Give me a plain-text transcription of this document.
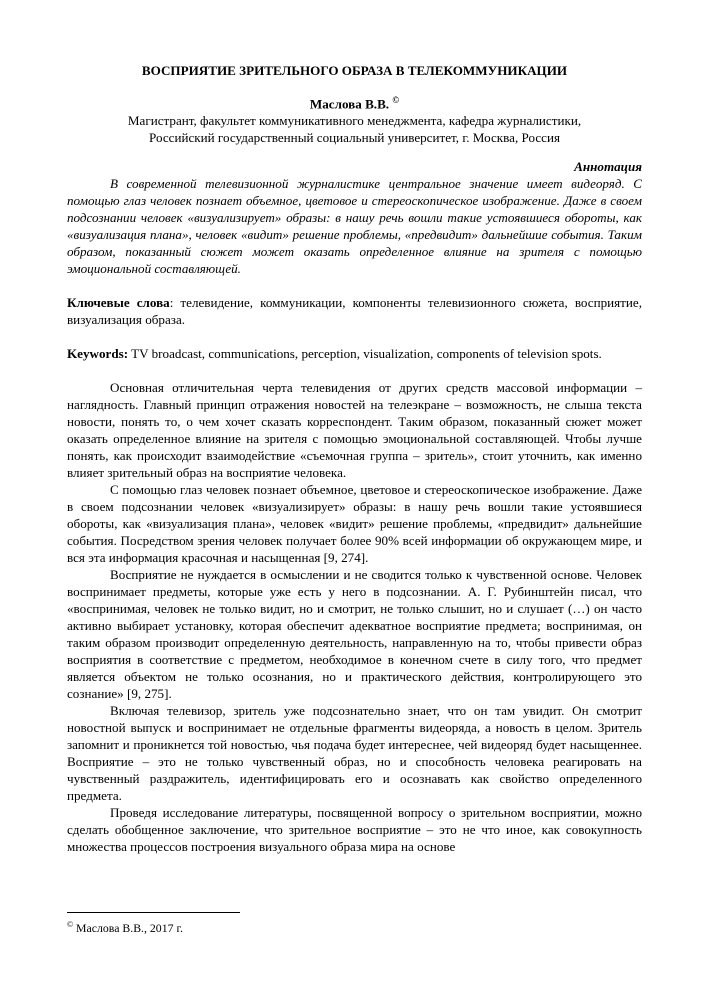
ВОСПРИЯТИЕ ЗРИТЕЛЬНОГО ОБРАЗА В ТЕЛЕКОММУНИКАЦИИ
Маслова В.В. ©
Магистрант, факультет коммуникативного менеджмента, кафедра журналистики,
Российский государственный социальный университет, г. Москва, Россия
Аннотация
В современной телевизионной журналистике центральное значение имеет видеоряд. С помощью глаз человек познает объемное, цветовое и стереоскопическое изображение. Даже в своем подсознании человек «визуализирует» образы: в нашу речь вошли такие устоявшиеся обороты, как «визуализация плана», человек «видит» решение проблемы, «предвидит» дальнейшие события. Таким образом, показанный сюжет может оказать определенное влияние на зрителя с помощью эмоциональной составляющей.
Ключевые слова: телевидение, коммуникации, компоненты телевизионного сюжета, восприятие, визуализация образа.
Keywords: TV broadcast, communications, perception, visualization, components of television spots.

Основная отличительная черта телевидения от других средств массовой информации – наглядность. Главный принцип отражения новостей на телеэкране – возможность, не слыша текста новости, понять то, о чем хочет сказать корреспондент. Таким образом, показанный сюжет может оказать определенное влияние на зрителя с помощью эмоциональной составляющей. Чтобы лучше понять, как происходит взаимодействие «съемочная группа – зритель», стоит уточнить, как именно влияет зрительный образ на восприятие человека.

С помощью глаз человек познает объемное, цветовое и стереоскопическое изображение. Даже в своем подсознании человек «визуализирует» образы: в нашу речь вошли такие устоявшиеся обороты, как «визуализация плана», человек «видит» решение проблемы, «предвидит» дальнейшие события. Посредством зрения человек получает более 90% всей информации об окружающем мире, и вся эта информация красочная и насыщенная [9, 274].

Восприятие не нуждается в осмыслении и не сводится только к чувственной основе. Человек воспринимает предметы, которые уже есть у него в подсознании. А. Г. Рубинштейн писал, что «воспринимая, человек не только видит, но и смотрит, не только слышит, но и слушает (…) он часто активно выбирает установку, которая обеспечит адекватное восприятие предмета; воспринимая, он таким образом производит определенную деятельность, направленную на то, чтобы привести образ восприятия в соответствие с предметом, необходимое в конечном счете в силу того, что предмет является объектом не только осознания, но и практического действия, контролирующего это сознание» [9, 275].

Включая телевизор, зритель уже подсознательно знает, что он там увидит. Он смотрит новостной выпуск и воспринимает не отдельные фрагменты видеоряда, а новость в целом. Зритель запомнит и проникнется той новостью, чья подача будет интереснее, чей видеоряд будет насыщеннее. Восприятие – это не только чувственный образ, но и способность человека реагировать на чувственный раздражитель, идентифицировать его и осознавать как свойство определенного предмета.

Проведя исследование литературы, посвященной вопросу о зрительном восприятии, можно сделать обобщенное заключение, что зрительное восприятие – это не что иное, как совокупность множества процессов построения визуального образа мира на основе

© Маслова В.В., 2017 г.
